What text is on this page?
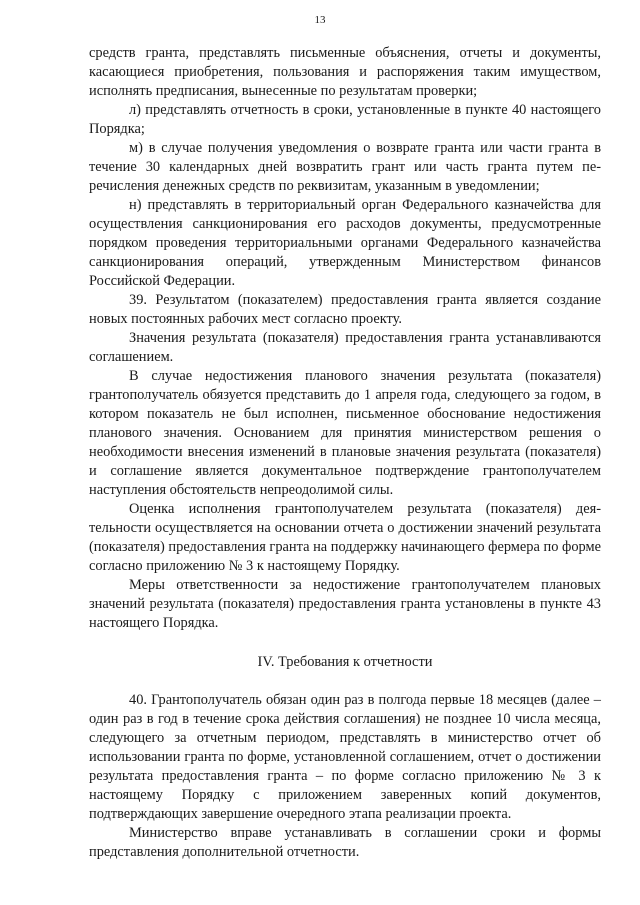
13

средств гранта, представлять письменные объяснения, отчеты и документы, касающиеся приобретения, пользования и распоряжения таким имуществом, исполнять предписания, вынесенные по результатам проверки;

л) представлять отчетность в сроки, установленные в пункте 40 настоящего Порядка;

м) в случае получения уведомления о возврате гранта или части гранта в течение 30 календарных дней возвратить грант или часть гранта путем перечисления денежных средств по реквизитам, указанным в уведомлении;

н) представлять в территориальный орган Федерального казначейства для осуществления санкционирования его расходов документы, предусмотренные порядком проведения территориальными органами Федерального казначейства санкционирования операций, утвержденным Министерством финансов Российской Федерации.

39. Результатом (показателем) предоставления гранта является создание новых постоянных рабочих мест согласно проекту.

Значения результата (показателя) предоставления гранта устанавливаются соглашением.

В случае недостижения планового значения результата (показателя) грантополучатель обязуется представить до 1 апреля года, следующего за годом, в котором показатель не был исполнен, письменное обоснование недостижения планового значения. Основанием для принятия министерством решения о необходимости внесения изменений в плановые значения результата (показателя) и соглашение является документальное подтверждение грантополучателем наступления обстоятельств непреодолимой силы.

Оценка исполнения грантополучателем результата (показателя) деятельности осуществляется на основании отчета о достижении значений результата (показателя) предоставления гранта на поддержку начинающего фермера по форме согласно приложению № 3 к настоящему Порядку.

Меры ответственности за недостижение грантополучателем плановых значений результата (показателя) предоставления гранта установлены в пункте 43 настоящего Порядка.

IV. Требования к отчетности

40. Грантополучатель обязан один раз в полгода первые 18 месяцев (далее – один раз в год в течение срока действия соглашения) не позднее 10 числа месяца, следующего за отчетным периодом, представлять в министерство отчет об использовании гранта по форме, установленной соглашением, отчет о достижении результата предоставления гранта – по форме согласно приложению № 3 к настоящему Порядку с приложением заверенных копий документов, подтверждающих завершение очередного этапа реализации проекта.

Министерство вправе устанавливать в соглашении сроки и формы представления дополнительной отчетности.
